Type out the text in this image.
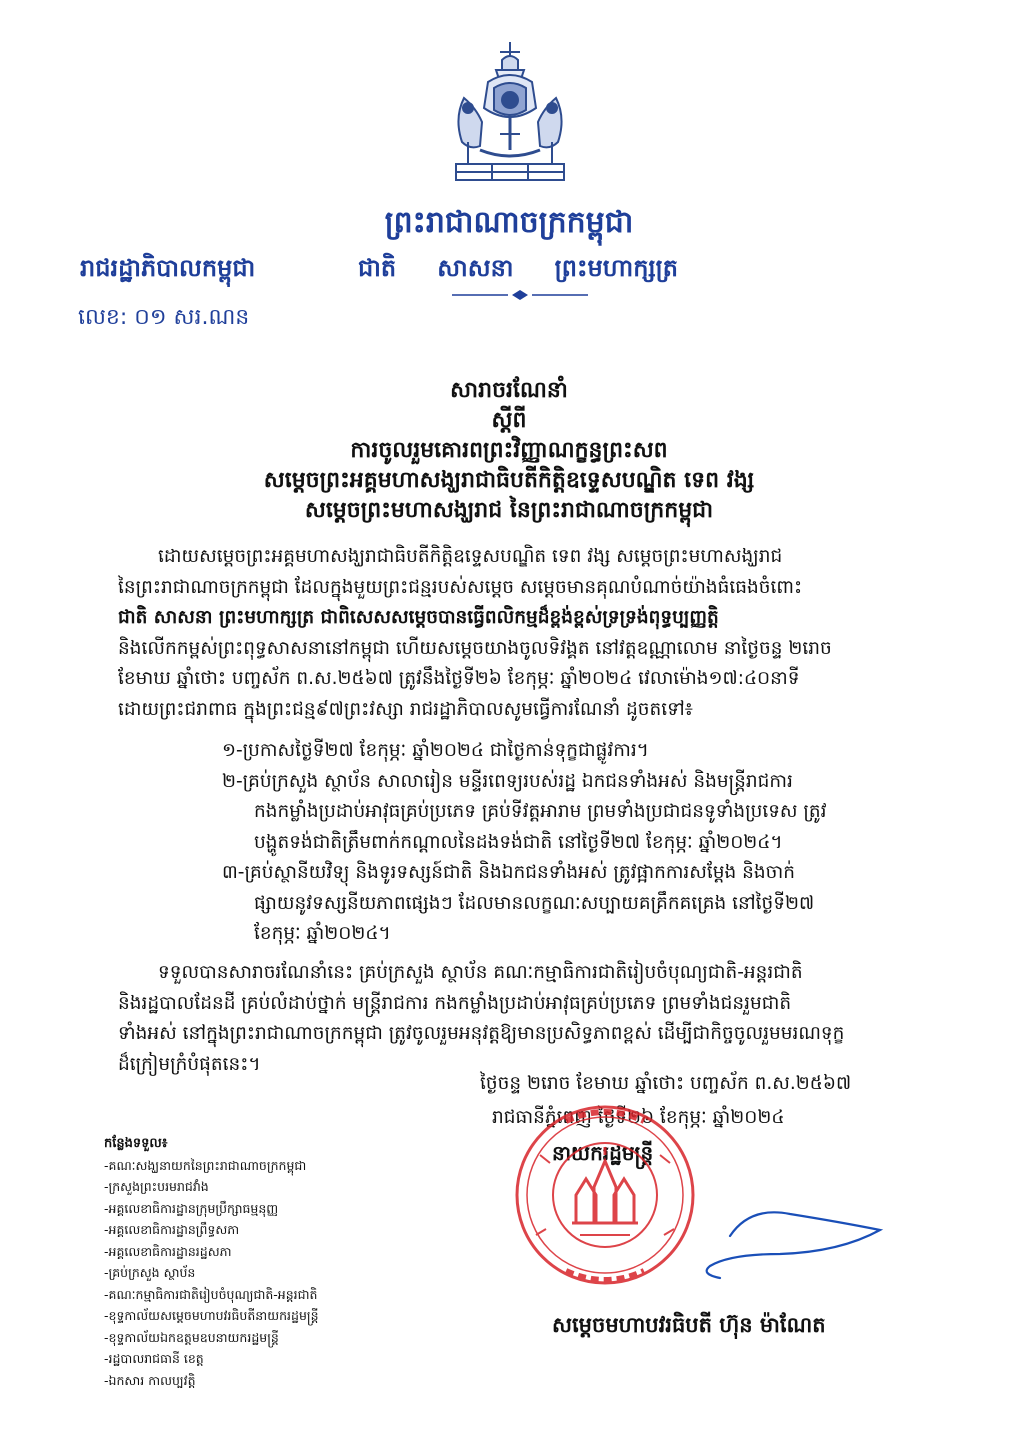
ព្រះរាជាណាចក្រកម្ពុជា
រាជរដ្ឋាភិបាលកម្ពុជា	ជាតិ សាសនា ព្រះមហាក្សត្រ
លេខ: ០១ សរ.ណន
សារាចរណែនាំ
ស្តីពី
ការចូលរួមគោរពព្រះវិញ្ញាណក្ខន្ធព្រះសព
សម្តេចព្រះអគ្គមហាសង្ឃរាជាធិបតីកិត្តិឧទ្ទេសបណ្ឌិត ទេព វង្ស
សម្តេចព្រះមហាសង្ឃរាជ នៃព្រះរាជាណាចក្រកម្ពុជា
ដោយសម្តេចព្រះអគ្គមហាសង្ឃរាជាធិបតីកិត្តិឧទ្ទេសបណ្ឌិត ទេព វង្ស សម្តេចព្រះមហាសង្ឃរាជ
នៃព្រះរាជាណាចក្រកម្ពុជា ដែលក្នុងមួយព្រះជន្មរបស់សម្តេច សម្តេចមានគុណបំណាច់យ៉ាងធំធេងចំពោះ
ជាតិ សាសនា ព្រះមហាក្សត្រ ជាពិសេសសម្តេចបានធ្វើពលិកម្មដ៏ខ្ពង់ខ្ពស់ទ្រទ្រង់ពុទ្ធប្បញ្ញត្តិ
និងលើកកម្ពស់ព្រះពុទ្ធសាសនានៅកម្ពុជា ហើយសម្តេចយាងចូលទិវង្គត នៅវត្តឧណ្ណាលោម នាថ្ងៃចន្ទ ២រោច
ខែមាឃ ឆ្នាំថោះ បញ្ចស័ក ព.ស.២៥៦៧ ត្រូវនឹងថ្ងៃទី២៦ ខែកុម្ភៈ ឆ្នាំ២០២៤ វេលាម៉ោង១៧:៤០នាទី
ដោយព្រះជរាពាធ ក្នុងព្រះជន្ម៩៧ព្រះវស្សា រាជរដ្ឋាភិបាលសូមធ្វើការណែនាំ ដូចតទៅ៖
១-ប្រកាសថ្ងៃទី២៧ ខែកុម្ភៈ ឆ្នាំ២០២៤ ជាថ្ងៃកាន់ទុក្ខជាផ្លូវការ។
២-គ្រប់ក្រសួង ស្ថាប័ន សាលារៀន មន្ទីរពេទ្យរបស់រដ្ឋ ឯកជនទាំងអស់ និងមន្ត្រីរាជការ
កងកម្លាំងប្រដាប់អាវុធគ្រប់ប្រភេទ គ្រប់ទីវត្តអារាម ព្រមទាំងប្រជាជនទូទាំងប្រទេស ត្រូវ
បង្ហូតទង់ជាតិត្រឹមពាក់កណ្តាលនៃដងទង់ជាតិ នៅថ្ងៃទី២៧ ខែកុម្ភៈ ឆ្នាំ២០២៤។
៣-គ្រប់ស្ថានីយវិទ្យុ និងទូរទស្សន៍ជាតិ និងឯកជនទាំងអស់ ត្រូវផ្អាកការសម្តែង និងចាក់
ផ្សាយនូវទស្សនីយភាពផ្សេងៗ ដែលមានលក្ខណៈសប្បាយគគ្រឹកគគ្រេង នៅថ្ងៃទី២៧
ខែកុម្ភៈ ឆ្នាំ២០២៤។
ទទួលបានសារាចរណែនាំនេះ គ្រប់ក្រសួង ស្ថាប័ន គណៈកម្មាធិការជាតិរៀបចំបុណ្យជាតិ-អន្តរជាតិ
និងរដ្ឋបាលដែនដី គ្រប់លំដាប់ថ្នាក់ មន្ត្រីរាជការ កងកម្លាំងប្រដាប់អាវុធគ្រប់ប្រភេទ ព្រមទាំងជនរួមជាតិ
ទាំងអស់ នៅក្នុងព្រះរាជាណាចក្រកម្ពុជា ត្រូវចូលរួមអនុវត្តឱ្យមានប្រសិទ្ធភាពខ្ពស់ ដើម្បីជាកិច្ចចូលរួមមរណទុក្ខ
ដ៏ក្រៀមក្រំបំផុតនេះ។
ថ្ងៃចន្ទ ២រោច ខែមាឃ ឆ្នាំថោះ បញ្ចស័ក ព.ស.២៥៦៧
រាជធានីភ្នំពេញ ថ្ងៃទី២៦ ខែកុម្ភៈ ឆ្នាំ២០២៤
នាយករដ្ឋមន្ត្រី
កន្លែងទទួល៖
-គណៈសង្ឃនាយកនៃព្រះរាជាណាចក្រកម្ពុជា
-ក្រសួងព្រះបរមរាជវាំង
-អគ្គលេខាធិការដ្ឋានក្រុមប្រឹក្សាធម្មនុញ្ញ
-អគ្គលេខាធិការដ្ឋានព្រឹទ្ធសភា
-អគ្គលេខាធិការដ្ឋានរដ្ឋសភា
-គ្រប់ក្រសួង ស្ថាប័ន
-គណៈកម្មាធិការជាតិរៀបចំបុណ្យជាតិ-អន្តរជាតិ
-ខុទ្ទកាល័យសម្តេចមហាបវរធិបតីនាយករដ្ឋមន្ត្រី
-ខុទ្ទកាល័យឯកឧត្តមឧបនាយករដ្ឋមន្ត្រី
-រដ្ឋបាលរាជធានី ខេត្ត
-ឯកសារ កាលប្បវត្តិ
សម្តេចមហាបវរធិបតី ហ៊ុន ម៉ាណែត
